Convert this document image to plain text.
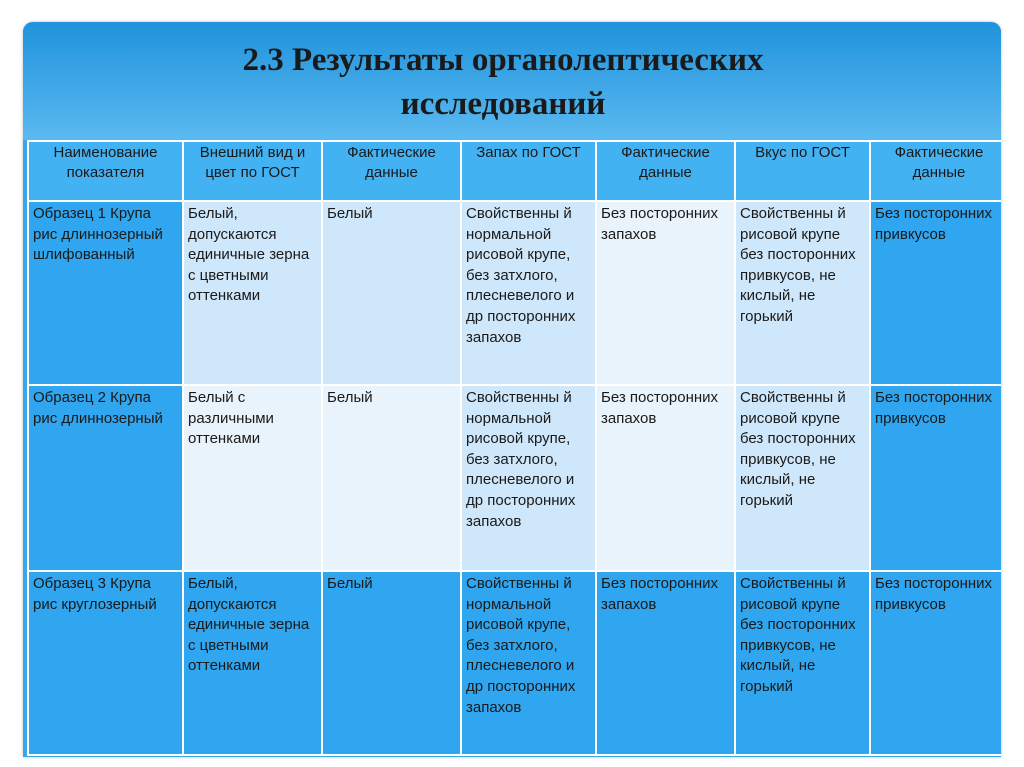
2.3 Результаты органолептических
исследований
Наименование показателя	Внешний вид и цвет по ГОСТ	Фактические данные	Запах по ГОСТ	Фактические данные	Вкус по ГОСТ	Фактические данные
Образец 1 Крупа рис длиннозерный шлифованный	Белый, допускаются единичные зерна с цветными оттенками	Белый	Свойственны й нормальной рисовой крупе, без затхлого, плесневелого и др посторонних запахов	Без посторонних запахов	Свойственны й рисовой крупе без посторонних привкусов, не кислый, не горький	Без посторонних привкусов
Образец 2 Крупа рис длиннозерный	Белый с различными оттенками	Белый	Свойственны й нормальной рисовой крупе, без затхлого, плесневелого и др посторонних запахов	Без посторонних запахов	Свойственны й рисовой крупе без посторонних привкусов, не кислый, не горький	Без посторонних привкусов
Образец 3 Крупа рис круглозерный	Белый, допускаются единичные зерна с цветными оттенками	Белый	Свойственны й нормальной рисовой крупе, без затхлого, плесневелого и др посторонних запахов	Без посторонних запахов	Свойственны й рисовой крупе без посторонних привкусов, не кислый, не горький	Без посторонних привкусов
